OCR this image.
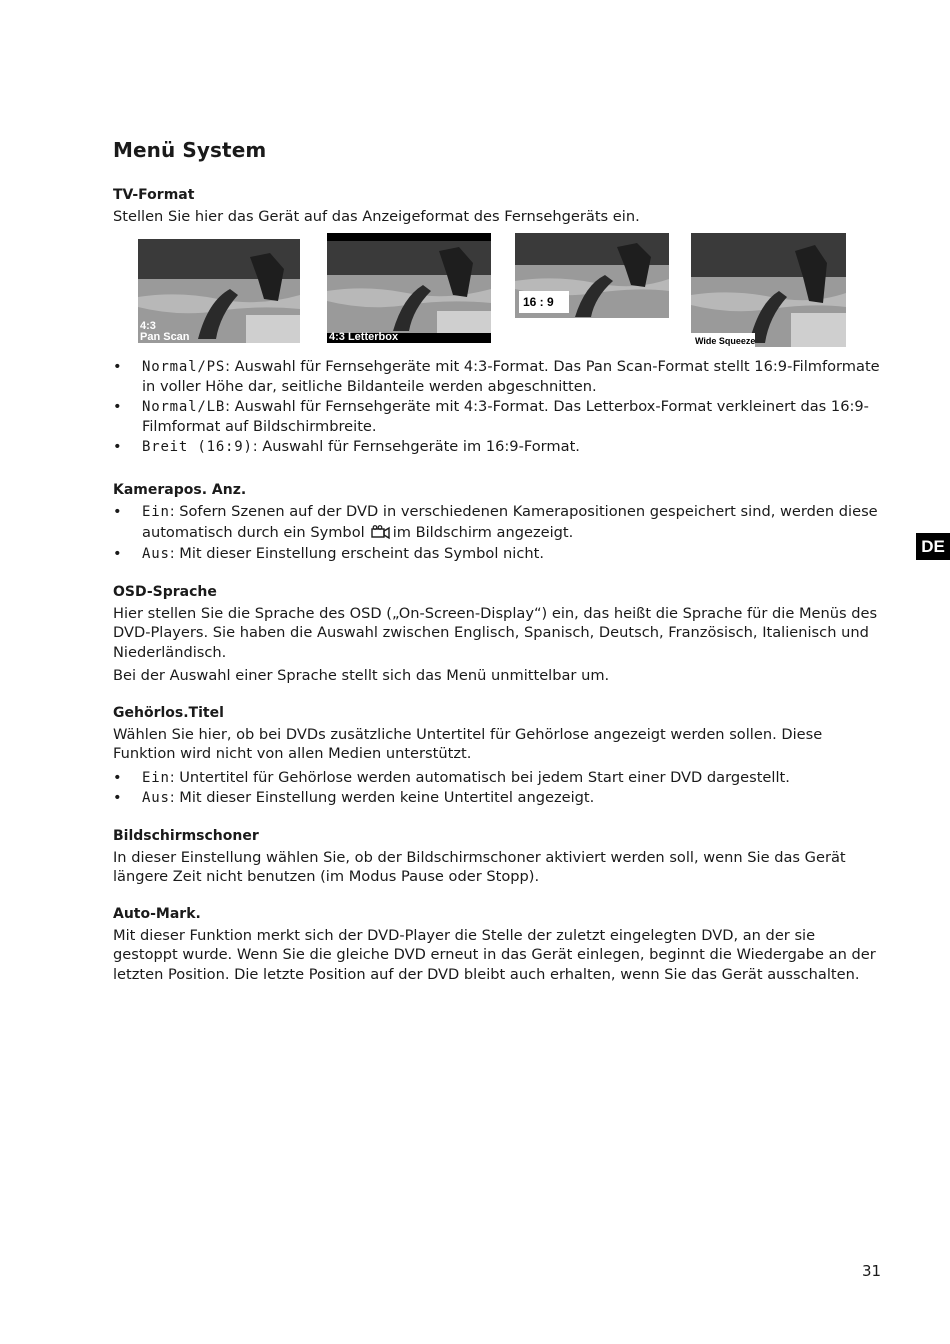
Menü System
TV-Format

Stellen Sie hier das Gerät auf das Anzeigeformat des Fernsehgeräts ein.

4:3
Pan Scan	4:3 Letterbox
16 : 9
Wide Squeeze
• Normal/PS: Auswahl für Fernsehgeräte mit 4:3-Format. Das Pan Scan-Format stellt 16:9-Filmformate in voller Höhe dar, seitliche Bildanteile werden abgeschnitten.
• Normal/LB: Auswahl für Fernsehgeräte mit 4:3-Format. Das Letterbox-Format verkleinert das 16:9-Filmformat auf Bildschirmbreite.
• Breit (16:9): Auswahl für Fernsehgeräte im 16:9-Format.
Kamerapos. Anz.
• Ein: Sofern Szenen auf der DVD in verschiedenen Kamerapositionen gespeichert sind, werden diese automatisch durch ein Symbol im Bildschirm angezeigt.
• Aus: Mit dieser Einstellung erscheint das Symbol nicht.
OSD-Sprache

Hier stellen Sie die Sprache des OSD („On-Screen-Display“) ein, das heißt die Sprache für die Menüs des DVD-Players. Sie haben die Auswahl zwischen Englisch, Spanisch, Deutsch, Französisch, Italienisch und Niederländisch.

Bei der Auswahl einer Sprache stellt sich das Menü unmittelbar um.

Gehörlos.Titel

Wählen Sie hier, ob bei DVDs zusätzliche Untertitel für Gehörlose angezeigt werden sollen. Diese Funktion wird nicht von allen Medien unterstützt.

• Ein: Untertitel für Gehörlose werden automatisch bei jedem Start einer DVD dargestellt.
• Aus: Mit dieser Einstellung werden keine Untertitel angezeigt.
Bildschirmschoner

In dieser Einstellung wählen Sie, ob der Bildschirmschoner aktiviert werden soll, wenn Sie das Gerät längere Zeit nicht benutzen (im Modus Pause oder Stopp).

Auto-Mark.

Mit dieser Funktion merkt sich der DVD-Player die Stelle der zuletzt eingelegten DVD, an der sie gestoppt wurde. Wenn Sie die gleiche DVD erneut in das Gerät einlegen, beginnt die Wiedergabe an der letzten Position. Die letzte Position auf der DVD bleibt auch erhalten, wenn Sie das Gerät ausschalten.

DE
31
